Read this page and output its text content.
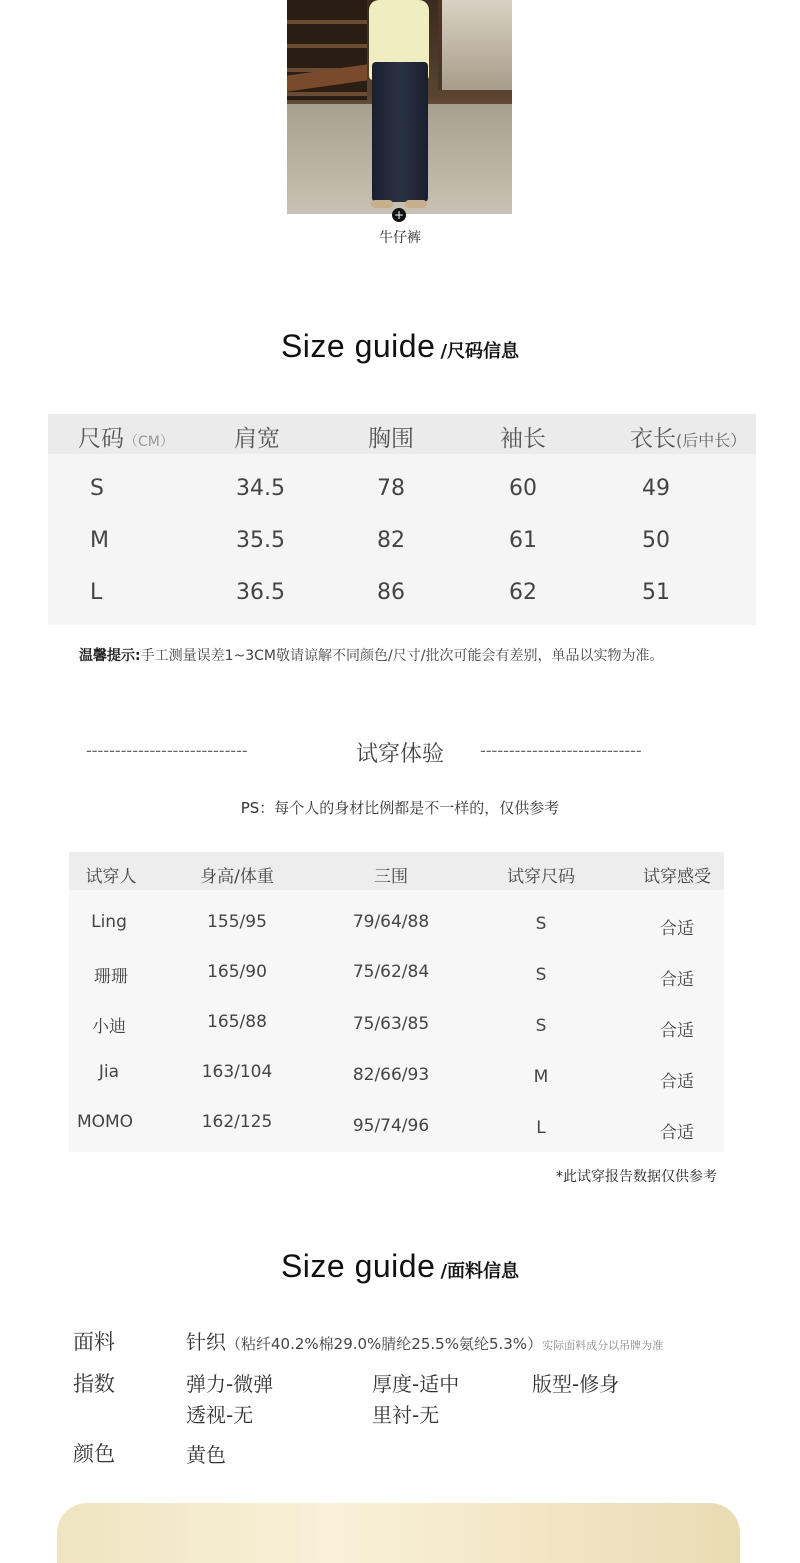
+
牛仔裤
Size guide /尺码信息
尺码（CM）	肩宽	胸围	袖长	衣长(后中长）
S	34.5	78	60	49
M	35.5	82	61	50
L	36.5	86	62	51
温馨提示:手工测量误差1~3CM敬请谅解不同颜色/尺寸/批次可能会有差别，单品以实物为准。
----------------------------	试穿体验	----------------------------
PS：每个人的身材比例都是不一样的，仅供参考
试穿人	身高/体重	三围	试穿尺码	试穿感受
Ling	155/95	79/64/88	S	合适
珊珊	165/90	75/62/84	S	合适
小迪	165/88	75/63/85	S	合适
Jia	163/104	82/66/93	M	合适
MOMO	162/125	95/74/96	L	合适
*此试穿报告数据仅供参考
Size guide /面料信息
面料	针织（粘纤40.2%棉29.0%腈纶25.5%氨纶5.3%）实际面料成分以吊牌为准
指数	弹力-微弹	厚度-适中	版型-修身
透视-无	里衬-无
颜色	黄色
